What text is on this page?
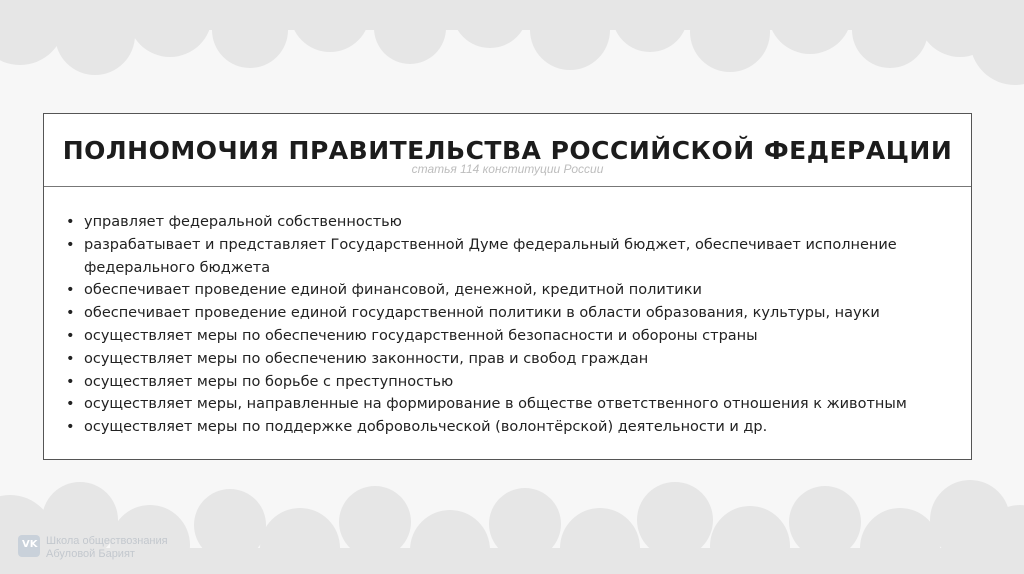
ПОЛНОМОЧИЯ ПРАВИТЕЛЬСТВА РОССИЙСКОЙ ФЕДЕРАЦИИ
статья 114 конституции России
• управляет федеральной собственностью
• разрабатывает и представляет Государственной Думе федеральный бюджет, обеспечивает исполнение федерального бюджета
• обеспечивает проведение единой финансовой, денежной, кредитной политики
• обеспечивает проведение единой государственной политики в области образования, культуры, науки
• осуществляет меры по обеспечению государственной безопасности и обороны страны
• осуществляет меры по обеспечению законности, прав и свобод граждан
• осуществляет меры по борьбе с преступностью
• осуществляет меры, направленные на формирование в обществе ответственного отношения к животным
• осуществляет меры по поддержке добровольческой (волонтёрской) деятельности и др.
VK Школа обществознания
Абуловой Барият
